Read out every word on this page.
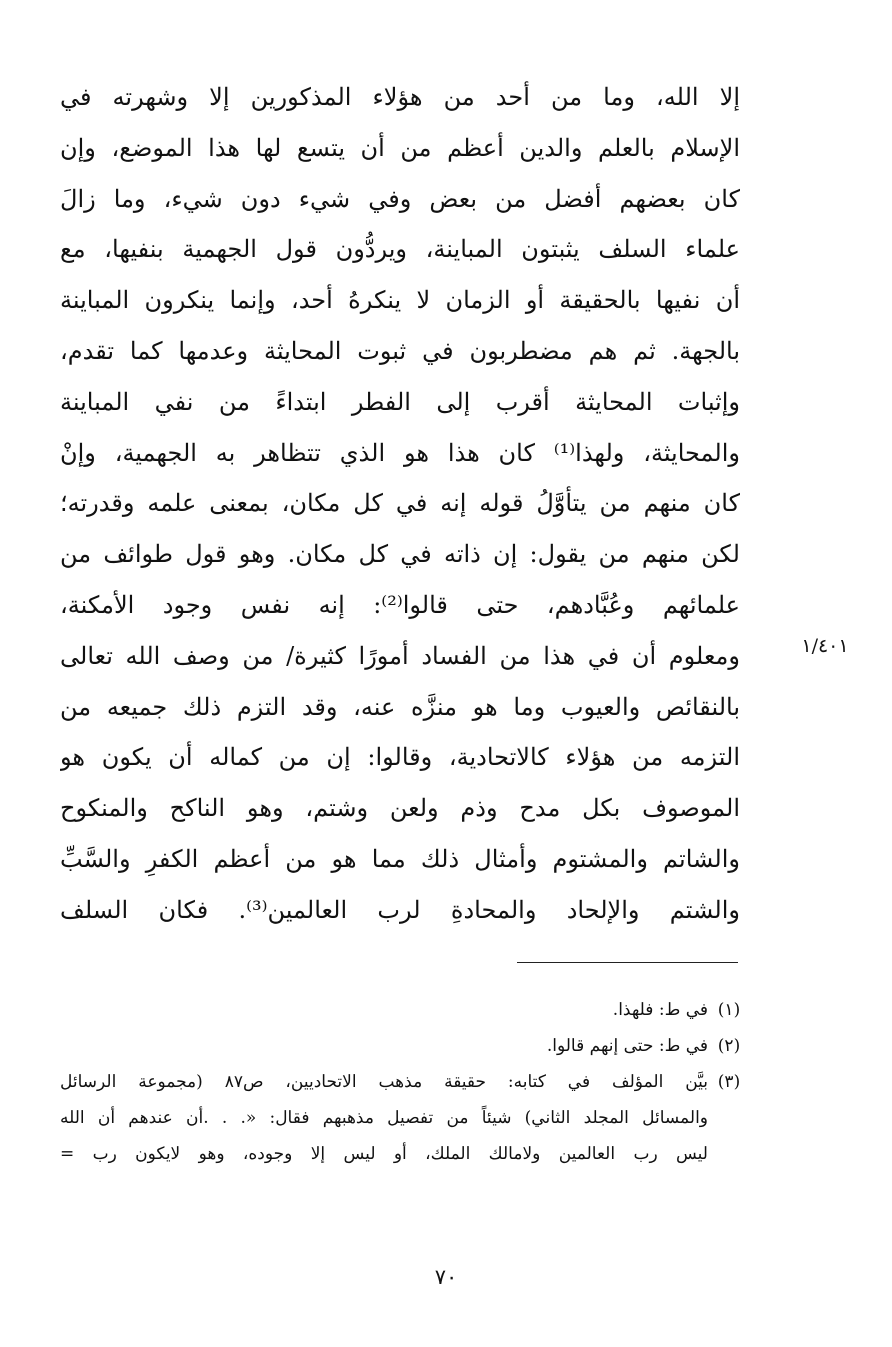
إلا الله، وما من أحد من هؤلاء المذكورين إلا وشهرته في
الإسلام بالعلم والدين أعظم من أن يتسع لها هذا الموضع، وإن
كان بعضهم أفضل من بعض وفي شيء دون شيء، وما زالَ
علماء السلف يثبتون المباينة، ويردُّون قول الجهمية بنفيها، مع
أن نفيها بالحقيقة أو الزمان لا ينكرهُ أحد، وإنما ينكرون المباينة
بالجهة. ثم هم مضطربون في ثبوت المحايثة وعدمها كما تقدم،
وإثبات المحايثة أقرب إلى الفطر ابتداءً من نفي المباينة
والمحايثة، ولهذا⁽¹⁾ كان هذا هو الذي تتظاهر به الجهمية، وإنْ
كان منهم من يتأوَّلُ قوله إنه في كل مكان، بمعنى علمه وقدرته؛
لكن منهم من يقول: إن ذاته في كل مكان. وهو قول طوائف من
علمائهم وعُبَّادهم، حتى قالوا⁽²⁾: إنه نفس وجود الأمكنة،
ومعلوم أن في هذا من الفساد أمورًا كثيرة/ من وصف الله تعالى
بالنقائص والعيوب وما هو منزَّه عنه، وقد التزم ذلك جميعه من
التزمه من هؤلاء كالاتحادية، وقالوا: إن من كماله أن يكون هو
الموصوف بكل مدح وذم ولعن وشتم، وهو الناكح والمنكوح
والشاتم والمشتوم وأمثال ذلك مما هو من أعظم الكفرِ والسَّبِّ
والشتم والإلحاد والمحادةِ لرب العالمين⁽³⁾. فكان السلف
١/٤٠١
(١)
في ط: فلهذا.
(٢)
في ط: حتى إنهم قالوا.
(٣)
بيَّن المؤلف في كتابه: حقيقة مذهب الاتحاديين، ص٨٧ (مجموعة الرسائل
والمسائل المجلد الثاني) شيئاً من تفصيل مذهبهم فقال: «. . .أن عندهم أن الله
ليس رب العالمين ولامالك الملك، أو ليس إلا وجوده، وهو لايكون رب =
٧٠
